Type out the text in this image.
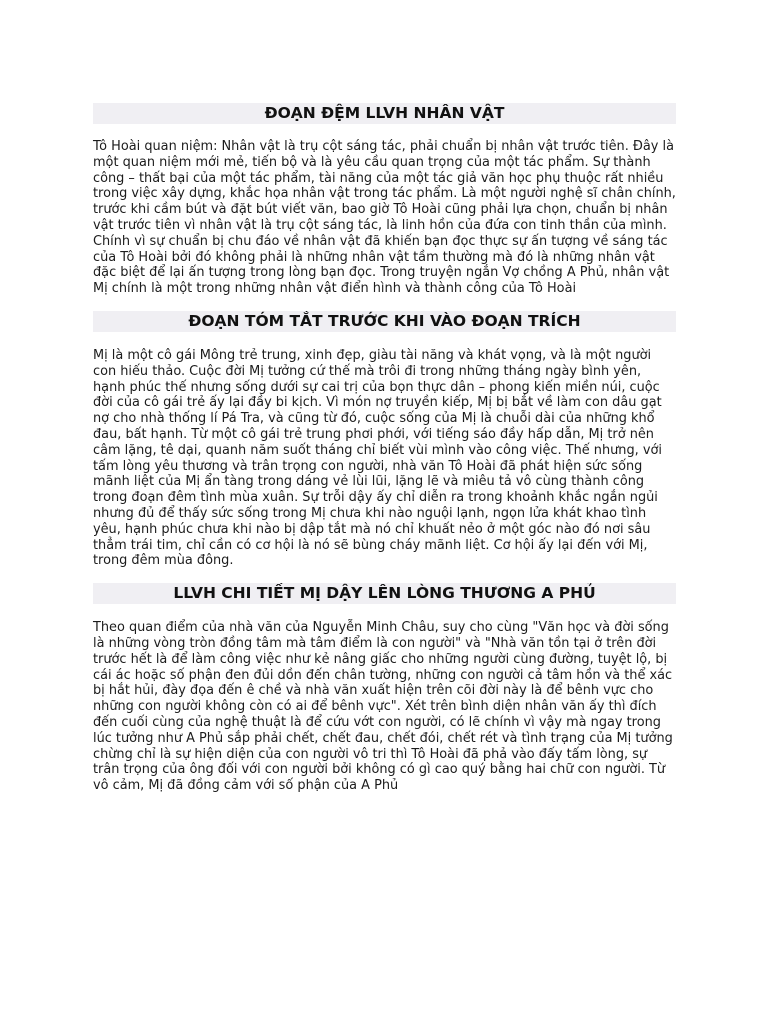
ĐOẠN ĐỆM LLVH NHÂN VẬT

Tô Hoài quan niệm: Nhân vật là trụ cột sáng tác, phải chuẩn bị nhân vật trước tiên. Đây là một quan niệm mới mẻ, tiến bộ và là yêu cầu quan trọng của một tác phẩm. Sự thành công – thất bại của một tác phẩm, tài năng của một tác giả văn học phụ thuộc rất nhiều trong việc xây dựng, khắc họa nhân vật trong tác phẩm. Là một người nghệ sĩ chân chính, trước khi cầm bút và đặt bút viết văn, bao giờ Tô Hoài cũng phải lựa chọn, chuẩn bị nhân vật trước tiên vì nhân vật là trụ cột sáng tác, là linh hồn của đứa con tinh thần của mình. Chính vì sự chuẩn bị chu đáo về nhân vật đã khiến bạn đọc thực sự ấn tượng về sáng tác của Tô Hoài bởi đó không phải là những nhân vật tầm thường mà đó là những nhân vật đặc biệt để lại ấn tượng trong lòng bạn đọc. Trong truyện ngắn Vợ chồng A Phủ, nhân vật Mị chính là một trong những nhân vật điển hình và thành công của Tô Hoài

ĐOẠN TÓM TẮT TRƯỚC KHI VÀO ĐOẠN TRÍCH

Mị là một cô gái Mông trẻ trung, xinh đẹp, giàu tài năng và khát vọng, và là một người con hiếu thảo. Cuộc đời Mị tưởng cứ thế mà trôi đi trong những tháng ngày bình yên, hạnh phúc thế nhưng sống dưới sự cai trị của bọn thực dân – phong kiến miền núi, cuộc đời của cô gái trẻ ấy lại đầy bi kịch. Vì món nợ truyền kiếp, Mị bị bắt về làm con dâu gạt nợ cho nhà thống lí Pá Tra, và cũng từ đó, cuộc sống của Mị là chuỗi dài của những khổ đau, bất hạnh. Từ một cô gái trẻ trung phơi phới, với tiếng sáo đầy hấp dẫn, Mị trở nên câm lặng, tê dại, quanh năm suốt tháng chỉ biết vùi mình vào công việc. Thế nhưng, với tấm lòng yêu thương và trân trọng con người, nhà văn Tô Hoài đã phát hiện sức sống mãnh liệt của Mị ẩn tàng trong dáng vẻ lùi lũi, lặng lẽ và miêu tả vô cùng thành công trong đoạn đêm tình mùa xuân. Sự trỗi dậy ấy chỉ diễn ra trong khoảnh khắc ngắn ngủi nhưng đủ để thấy sức sống trong Mị chưa khi nào nguội lạnh, ngọn lửa khát khao tình yêu, hạnh phúc chưa khi nào bị dập tắt mà nó chỉ khuất nẻo ở một góc nào đó nơi sâu thẳm trái tim, chỉ cần có cơ hội là nó sẽ bùng cháy mãnh liệt. Cơ hội ấy lại đến với Mị, trong đêm mùa đông.

LLVH CHI TIẾT MỊ DẬY LÊN LÒNG THƯƠNG A PHỦ

Theo quan điểm của nhà văn của Nguyễn Minh Châu, suy cho cùng "Văn học và đời sống là những vòng tròn đồng tâm mà tâm điểm là con người" và "Nhà văn tồn tại ở trên đời trước hết là để làm công việc như kẻ nâng giấc cho những người cùng đường, tuyệt lộ, bị cái ác hoặc số phận đen đủi dồn đến chân tường, những con người cả tâm hồn và thể xác bị hắt hủi, đày đọa đến ê chề và nhà văn xuất hiện trên cõi đời này là để bênh vực cho những con người không còn có ai để bênh vực". Xét trên bình diện nhân văn ấy thì đích đến cuối cùng của nghệ thuật là để cứu vớt con người, có lẽ chính vì vậy mà ngay trong lúc tưởng như A Phủ sắp phải chết, chết đau, chết đói, chết rét và tình trạng của Mị tưởng chừng chỉ là sự hiện diện của con người vô tri thì Tô Hoài đã phả vào đấy tấm lòng, sự trân trọng của ông đối với con người bởi không có gì cao quý bằng hai chữ con người. Từ vô cảm, Mị đã đồng cảm với số phận của A Phủ
